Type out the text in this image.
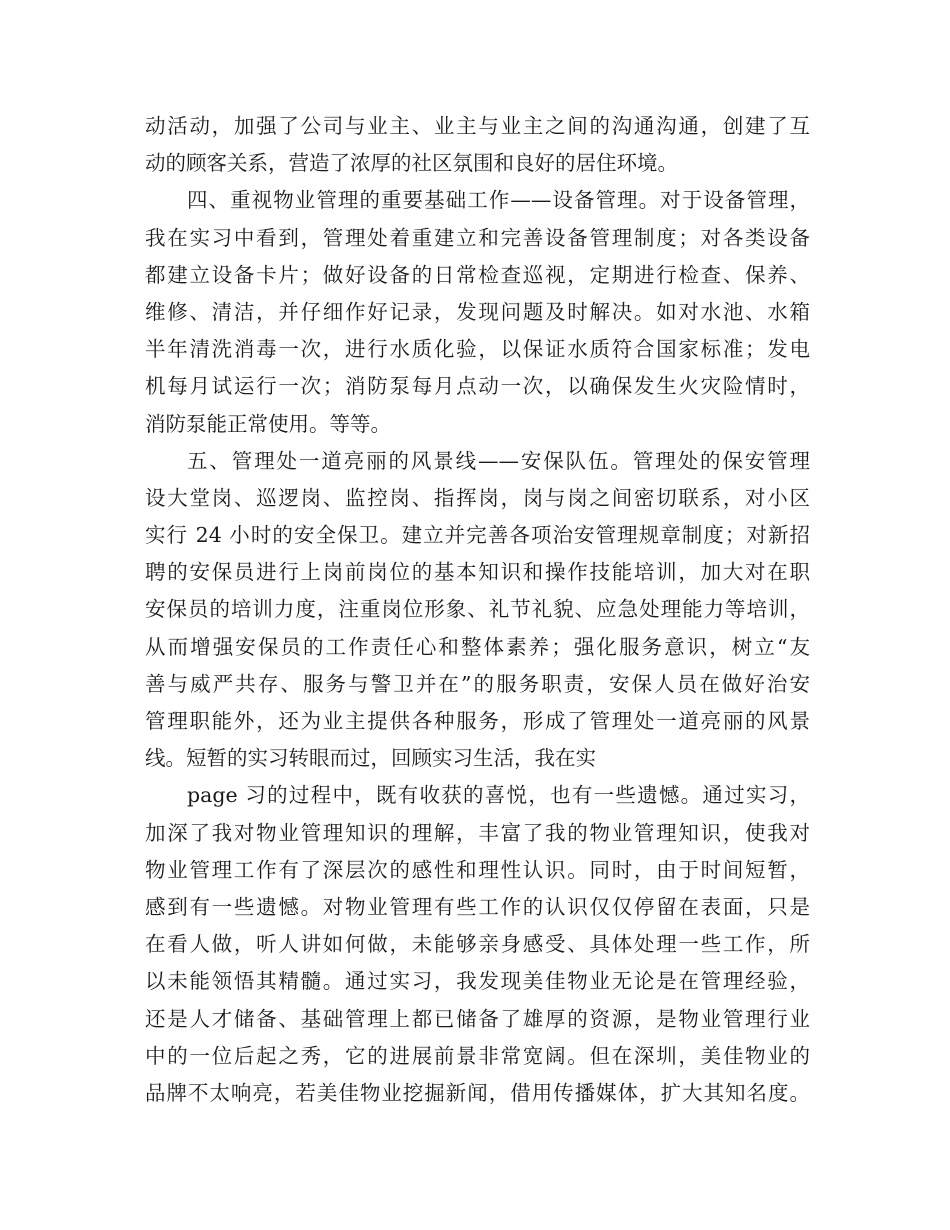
动活动，加强了公司与业主、业主与业主之间的沟通沟通，创建了互
动的顾客关系，营造了浓厚的社区氛围和良好的居住环境。
四、重视物业管理的重要基础工作——设备管理。对于设备管理，
我在实习中看到，管理处着重建立和完善设备管理制度；对各类设备
都建立设备卡片；做好设备的日常检查巡视，定期进行检查、保养、
维修、清洁，并仔细作好记录，发现问题及时解决。如对水池、水箱
半年清洗消毒一次，进行水质化验，以保证水质符合国家标准；发电
机每月试运行一次；消防泵每月点动一次，以确保发生火灾险情时，
消防泵能正常使用。等等。
五、管理处一道亮丽的风景线——安保队伍。管理处的保安管理
设大堂岗、巡逻岗、监控岗、指挥岗，岗与岗之间密切联系，对小区
实行 24 小时的安全保卫。建立并完善各项治安管理规章制度；对新招
聘的安保员进行上岗前岗位的基本知识和操作技能培训，加大对在职
安保员的培训力度，注重岗位形象、礼节礼貌、应急处理能力等培训，
从而增强安保员的工作责任心和整体素养；强化服务意识，树立“友
善与威严共存、服务与警卫并在”的服务职责，安保人员在做好治安
管理职能外，还为业主提供各种服务，形成了管理处一道亮丽的风景
线。短暂的实习转眼而过，回顾实习生活，我在实
page 习的过程中，既有收获的喜悦，也有一些遗憾。通过实习，
加深了我对物业管理知识的理解，丰富了我的物业管理知识，使我对
物业管理工作有了深层次的感性和理性认识。同时，由于时间短暂，
感到有一些遗憾。对物业管理有些工作的认识仅仅停留在表面，只是
在看人做，听人讲如何做，未能够亲身感受、具体处理一些工作，所
以未能领悟其精髓。通过实习，我发现美佳物业无论是在管理经验，
还是人才储备、基础管理上都已储备了雄厚的资源，是物业管理行业
中的一位后起之秀，它的进展前景非常宽阔。但在深圳，美佳物业的
品牌不太响亮，若美佳物业挖掘新闻，借用传播媒体，扩大其知名度。
